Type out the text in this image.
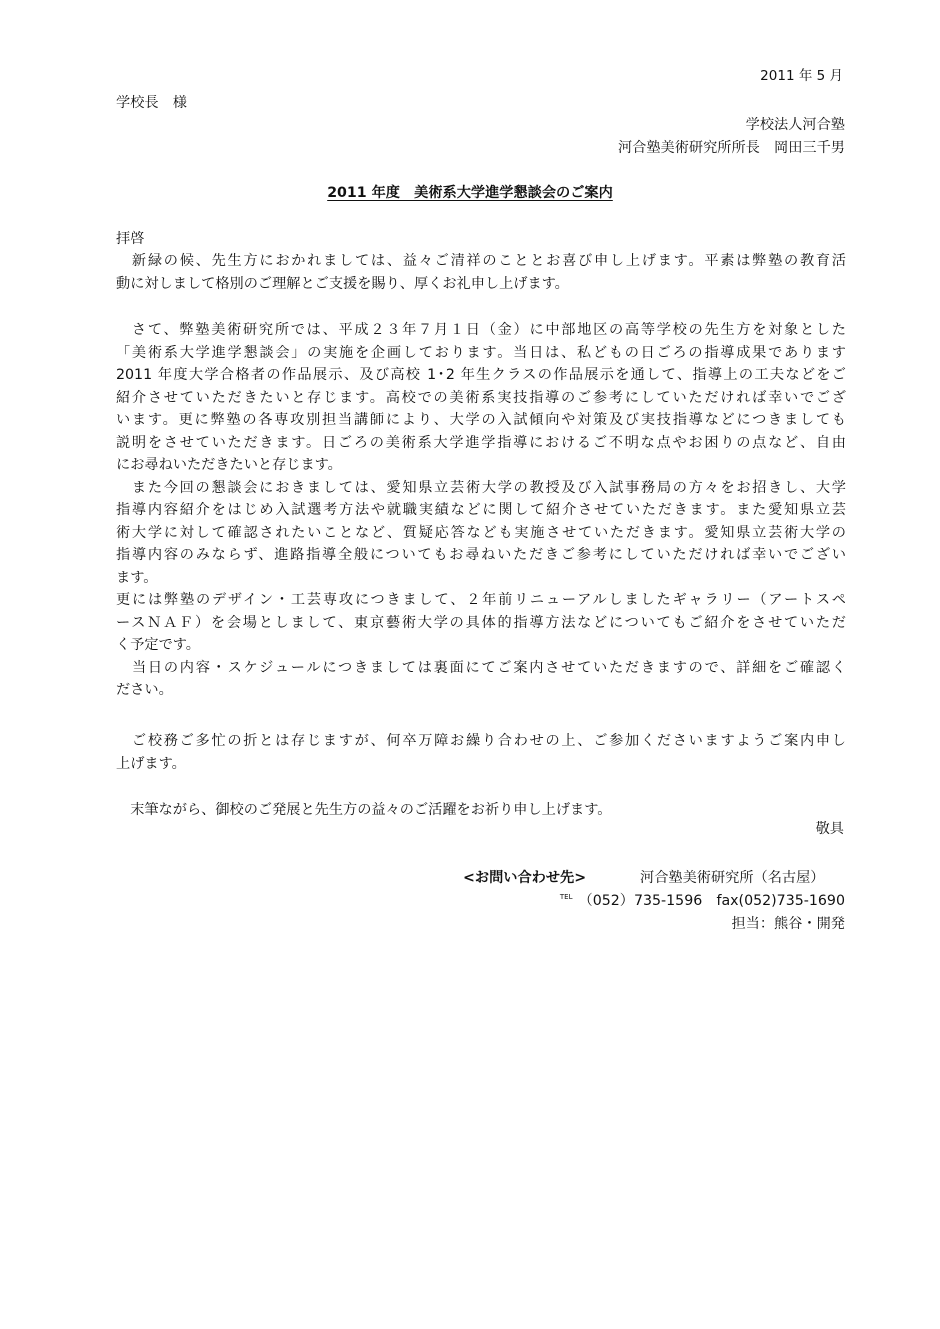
2011 年 5 月
学校長　様
学校法人河合塾
河合塾美術研究所所長　岡田三千男
2011 年度　美術系大学進学懇談会のご案内
拝啓
　新緑の候、先生方におかれましては、益々ご清祥のこととお喜び申し上げます。平素は弊塾の教育活
動に対しまして格別のご理解とご支援を賜り、厚くお礼申し上げます。
　さて、弊塾美術研究所では、平成２３年７月１日（金）に中部地区の高等学校の先生方を対象とした
「美術系大学進学懇談会」の実施を企画しております。当日は、私どもの日ごろの指導成果であります
2011 年度大学合格者の作品展示、及び高校 1･2 年生クラスの作品展示を通して、指導上の工夫などをご
紹介させていただきたいと存じます。高校での美術系実技指導のご参考にしていただければ幸いでござ
います。更に弊塾の各専攻別担当講師により、大学の入試傾向や対策及び実技指導などにつきましても
説明をさせていただきます。日ごろの美術系大学進学指導におけるご不明な点やお困りの点など、自由
にお尋ねいただきたいと存じます。
　また今回の懇談会におきましては、愛知県立芸術大学の教授及び入試事務局の方々をお招きし、大学
指導内容紹介をはじめ入試選考方法や就職実績などに関して紹介させていただきます。また愛知県立芸
術大学に対して確認されたいことなど、質疑応答なども実施させていただきます。愛知県立芸術大学の
指導内容のみならず、進路指導全般についてもお尋ねいただきご参考にしていただければ幸いでござい
ます。
更には弊塾のデザイン・工芸専攻につきまして、２年前リニューアルしましたギャラリー（アートスペ
ースＮＡＦ）を会場としまして、東京藝術大学の具体的指導方法などについてもご紹介をさせていただ
く予定です。
　当日の内容・スケジュールにつきましては裏面にてご案内させていただきますので、詳細をご確認く
ださい。
　ご校務ご多忙の折とは存じますが、何卒万障お繰り合わせの上、ご参加くださいますようご案内申し
上げます。
　末筆ながら、御校のご発展と先生方の益々のご活躍をお祈り申し上げます。
敬具
<お問い合わせ先>	河合塾美術研究所（名古屋）
$^{TEL}$ （052）735-1596　fax(052)735-1690
担当：熊谷・開発
